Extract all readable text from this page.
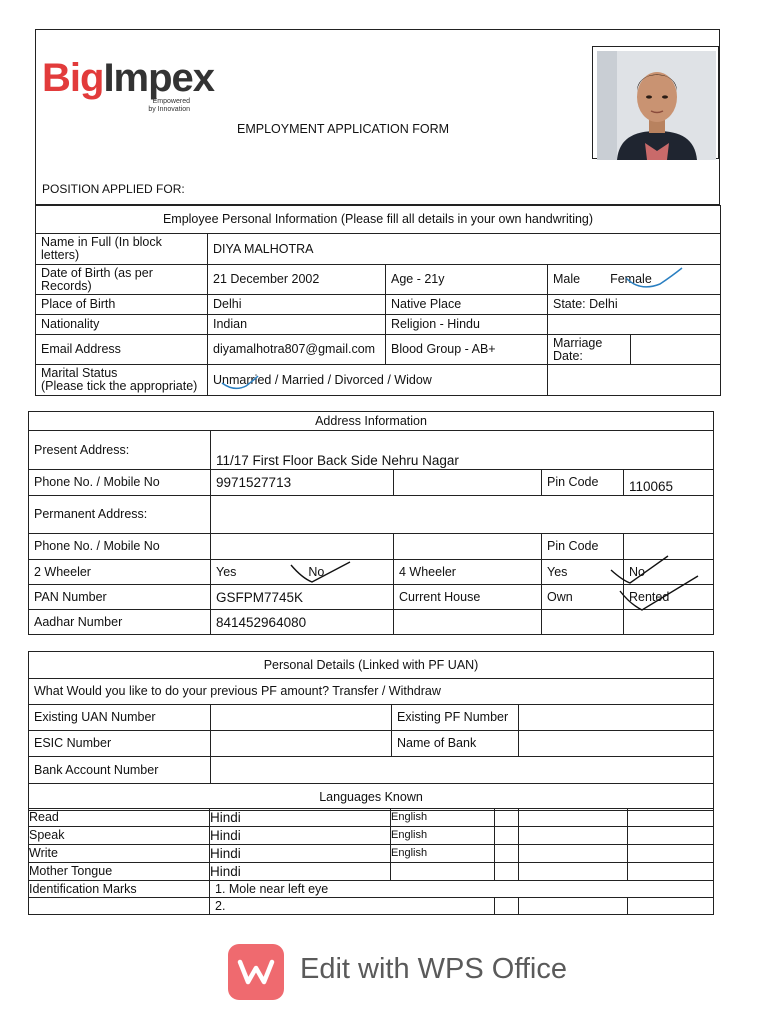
BigImpex
Empowered
by Innovation
EMPLOYMENT APPLICATION FORM
POSITION APPLIED FOR:
Employee Personal Information (Please fill all details in your own handwriting)				
Name in Full (In block letters)	DIYA MALHOTRA			
Date of Birth (as per Records)	21 December 2002	Age - 21y	Male Female	
Place of Birth	Delhi	Native Place	State: Delhi	
Nationality	Indian	Religion - Hindu		
Email Address	diyamalhotra807@gmail.com	Blood Group - AB+	Marriage Date:	

Marital Status
(Please tick the appropriate)	Unmarried / Married / Divorced / Widow			
Address Information				
Present Address:	11/17 First Floor Back Side Nehru Nagar			
Phone No. / Mobile No	9971527713		Pin Code	110065
Permanent Address:				
Phone No. / Mobile No			Pin Code	
2 Wheeler	Yes No	4 Wheeler	Yes	No
PAN Number	GSFPM7745K	Current House	Own	Rented
Aadhar Number	841452964080			
Personal Details (Linked with PF UAN)			
What Would you like to do your previous PF amount? Transfer / Withdraw			
Existing UAN Number		Existing PF Number	
ESIC Number		Name of Bank	
Bank Account Number			
Languages Known			
Read	Hindi	English			
Speak	Hindi	English			
Write	Hindi	English			
Mother Tongue	Hindi				
Identification Marks	1. Mole near left eye				
	2.				
Edit with WPS Office
